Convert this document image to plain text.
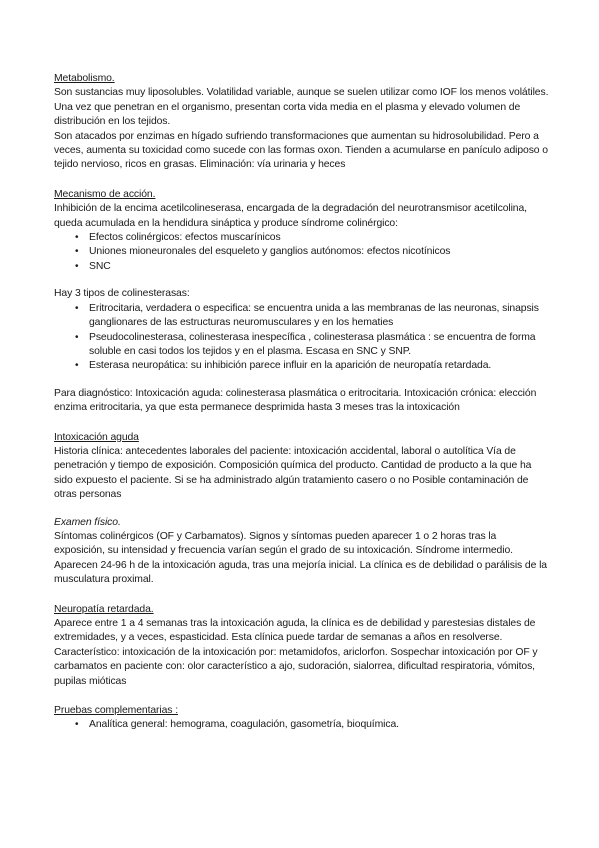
Metabolismo.

Son sustancias muy liposolubles. Volatilidad variable, aunque se suelen utilizar como IOF los menos volátiles. Una vez que penetran en el organismo, presentan corta vida media en el plasma y elevado volumen de distribución en los tejidos.

Son atacados por enzimas en hígado sufriendo transformaciones que aumentan su hidrosolubilidad. Pero a veces, aumenta su toxicidad como sucede con las formas oxon. Tienden a acumularse en panículo adiposo o tejido nervioso, ricos en grasas. Eliminación: vía urinaria y heces

Mecanismo de acción.

Inhibición de la encima acetilcolineserasa, encargada de la degradación del neurotransmisor acetilcolina, queda acumulada en la hendidura sináptica y produce síndrome colinérgico:

• Efectos colinérgicos: efectos muscarínicos
• Uniones mioneuronales del esqueleto y ganglios autónomos: efectos nicotínicos
• SNC

Hay 3 tipos de colinesterasas:

• Eritrocitaria, verdadera o especifica: se encuentra unida a las membranas de las neuronas, sinapsis ganglionares de las estructuras neuromusculares y en los hematies
• Pseudocolinesterasa, colinesterasa inespecífica , colinesterasa plasmática : se encuentra de forma soluble en casi todos los tejidos y en el plasma. Escasa en SNC y SNP.
• Esterasa neuropática: su inhibición parece influir en la aparición de neuropatía retardada.

Para diagnóstico: Intoxicación aguda: colinesterasa plasmática o eritrocitaria. Intoxicación crónica: elección enzima eritrocitaria, ya que esta permanece desprimida hasta 3 meses tras la intoxicación

Intoxicación aguda

Historia clínica: antecedentes laborales del paciente: intoxicación accidental, laboral o autolítica Vía de penetración y tiempo de exposición. Composición química del producto. Cantidad de producto a la que ha sido expuesto el paciente. Si se ha administrado algún tratamiento casero o no Posible contaminación de otras personas

Examen físico.

Síntomas colinérgicos (OF y Carbamatos). Signos y síntomas pueden aparecer 1 o 2 horas tras la exposición, su intensidad y frecuencia varían según el grado de su intoxicación. Síndrome intermedio. Aparecen 24-96 h de la intoxicación aguda, tras una mejoría inicial. La clínica es de debilidad o parálisis de la musculatura proximal.

Neuropatía retardada.

Aparece entre 1 a 4 semanas tras la intoxicación aguda, la clínica es de debilidad y parestesias distales de extremidades, y a veces, espasticidad. Esta clínica puede tardar de semanas a años en resolverse. Característico: intoxicación de la intoxicación por: metamidofos, ariclorfon. Sospechar intoxicación por OF y carbamatos en paciente con: olor característico a ajo, sudoración, sialorrea, dificultad respiratoria, vómitos, pupilas mióticas

Pruebas complementarias :

• Analítica general: hemograma, coagulación, gasometría, bioquímica.
